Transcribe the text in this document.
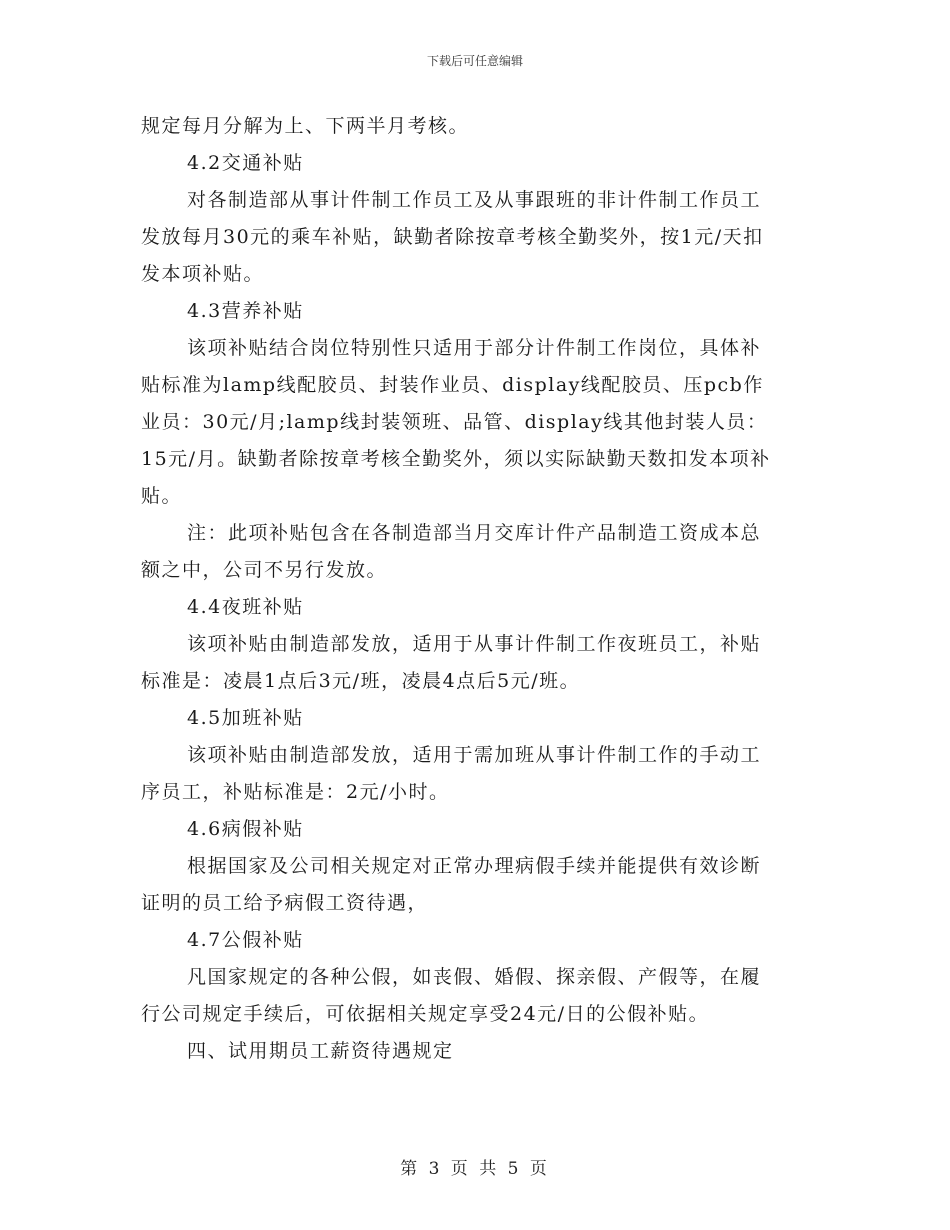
下载后可任意编辑
规定每月分解为上、下两半月考核。
4.2交通补贴
对各制造部从事计件制工作员工及从事跟班的非计件制工作员工
发放每月30元的乘车补贴，缺勤者除按章考核全勤奖外，按1元/天扣
发本项补贴。
4.3营养补贴
该项补贴结合岗位特别性只适用于部分计件制工作岗位，具体补
贴标准为lamp线配胶员、封装作业员、display线配胶员、压pcb作
业员：30元/月;lamp线封装领班、品管、display线其他封装人员：
15元/月。缺勤者除按章考核全勤奖外，须以实际缺勤天数扣发本项补
贴。
注：此项补贴包含在各制造部当月交库计件产品制造工资成本总
额之中，公司不另行发放。
4.4夜班补贴
该项补贴由制造部发放，适用于从事计件制工作夜班员工，补贴
标准是：凌晨1点后3元/班，凌晨4点后5元/班。
4.5加班补贴
该项补贴由制造部发放，适用于需加班从事计件制工作的手动工
序员工，补贴标准是：2元/小时。
4.6病假补贴
根据国家及公司相关规定对正常办理病假手续并能提供有效诊断
证明的员工给予病假工资待遇，
4.7公假补贴
凡国家规定的各种公假，如丧假、婚假、探亲假、产假等，在履
行公司规定手续后，可依据相关规定享受24元/日的公假补贴。
四、试用期员工薪资待遇规定
第 3 页 共 5 页
